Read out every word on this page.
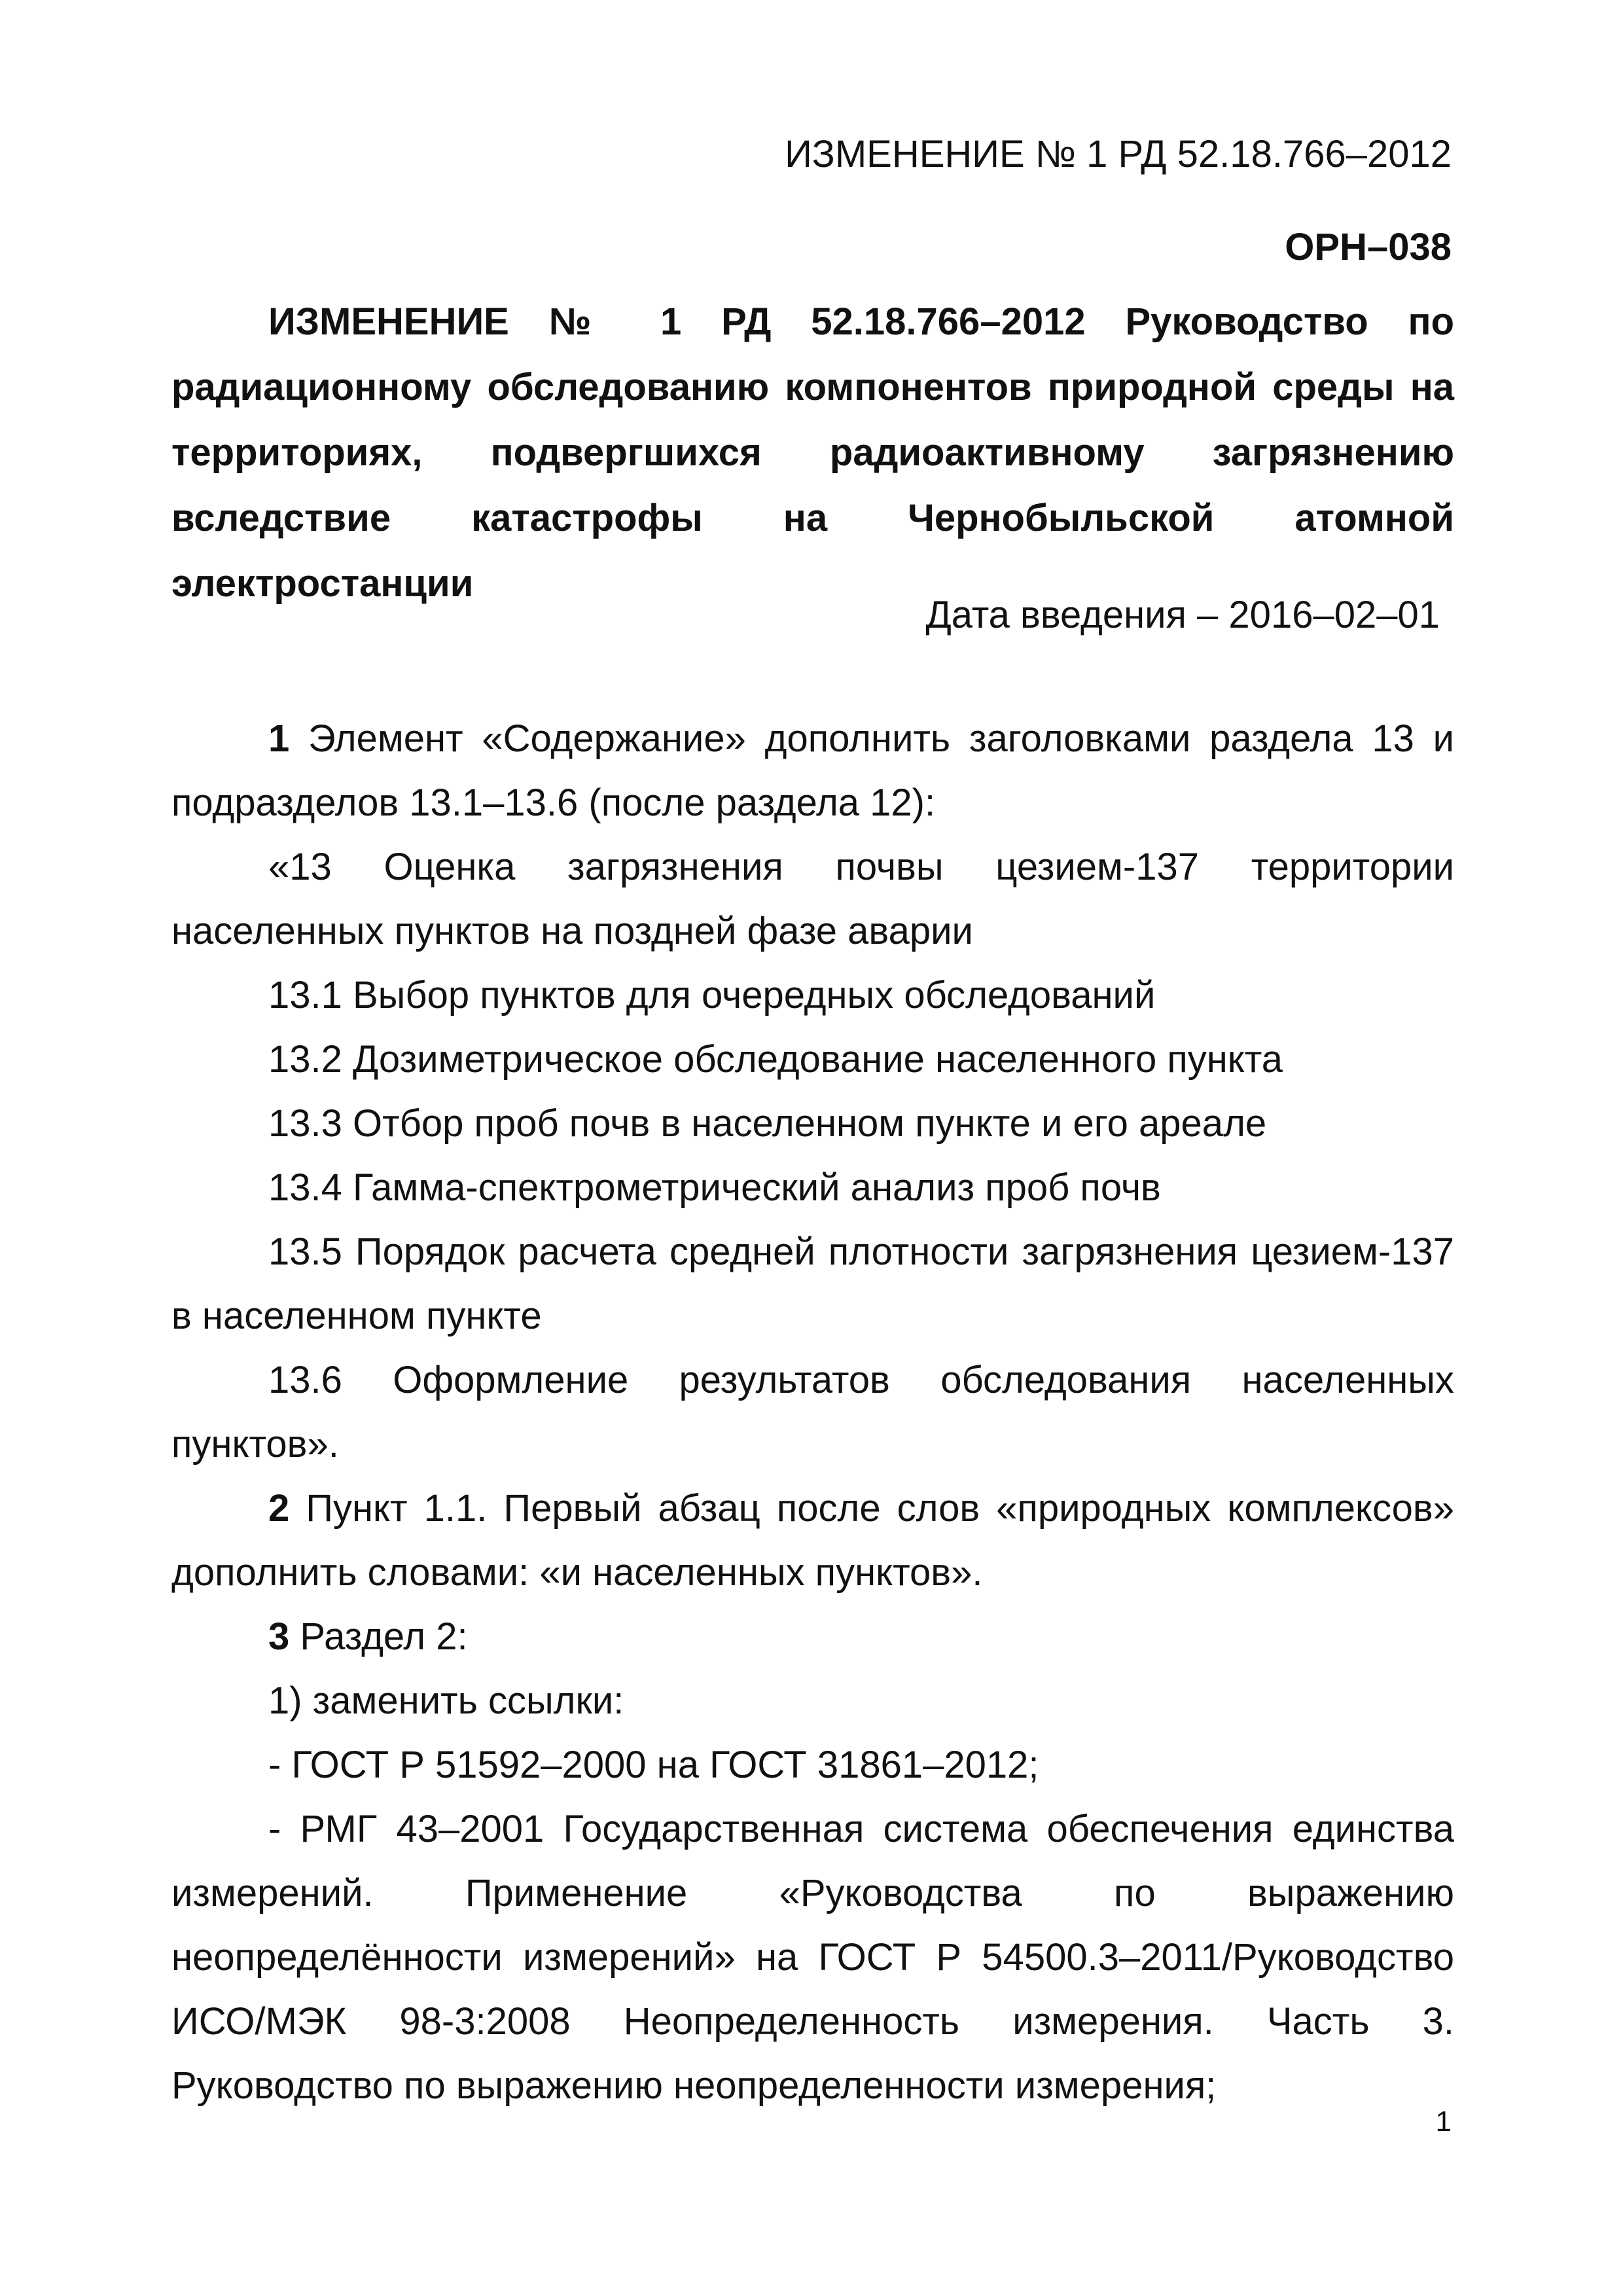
ИЗМЕНЕНИЕ № 1 РД 52.18.766–2012
ОРН–038
ИЗМЕНЕНИЕ № 1 РД 52.18.766–2012 Руководство по радиационному обследованию компонентов природной среды на территориях, подвергшихся радиоактивному загрязнению вследствие катастрофы на Чернобыльской атомной электростанции
Дата введения – 2016–02–01

1 Элемент «Содержание» дополнить заголовками раздела 13 и подразделов 13.1–13.6 (после раздела 12):

«13 Оценка загрязнения почвы цезием-137 территории населенных пунктов на поздней фазе аварии

13.1 Выбор пунктов для очередных обследований

13.2 Дозиметрическое обследование населенного пункта

13.3 Отбор проб почв в населенном пункте и его ареале

13.4 Гамма-спектрометрический анализ проб почв

13.5 Порядок расчета средней плотности загрязнения цезием-137 в населенном пункте

13.6 Оформление результатов обследования населенных пунктов».

2 Пункт 1.1. Первый абзац после слов «природных комплексов» дополнить словами: «и населенных пунктов».

3 Раздел 2:

1) заменить ссылки:

- ГОСТ Р 51592–2000 на ГОСТ 31861–2012;

- РМГ 43–2001 Государственная система обеспечения единства измерений. Применение «Руководства по выражению неопределённости измерений» на ГОСТ Р 54500.3–2011/Руководство ИСО/МЭК 98-3:2008 Неопределенность измерения. Часть 3. Руководство по выражению неопределенности измерения;

1
